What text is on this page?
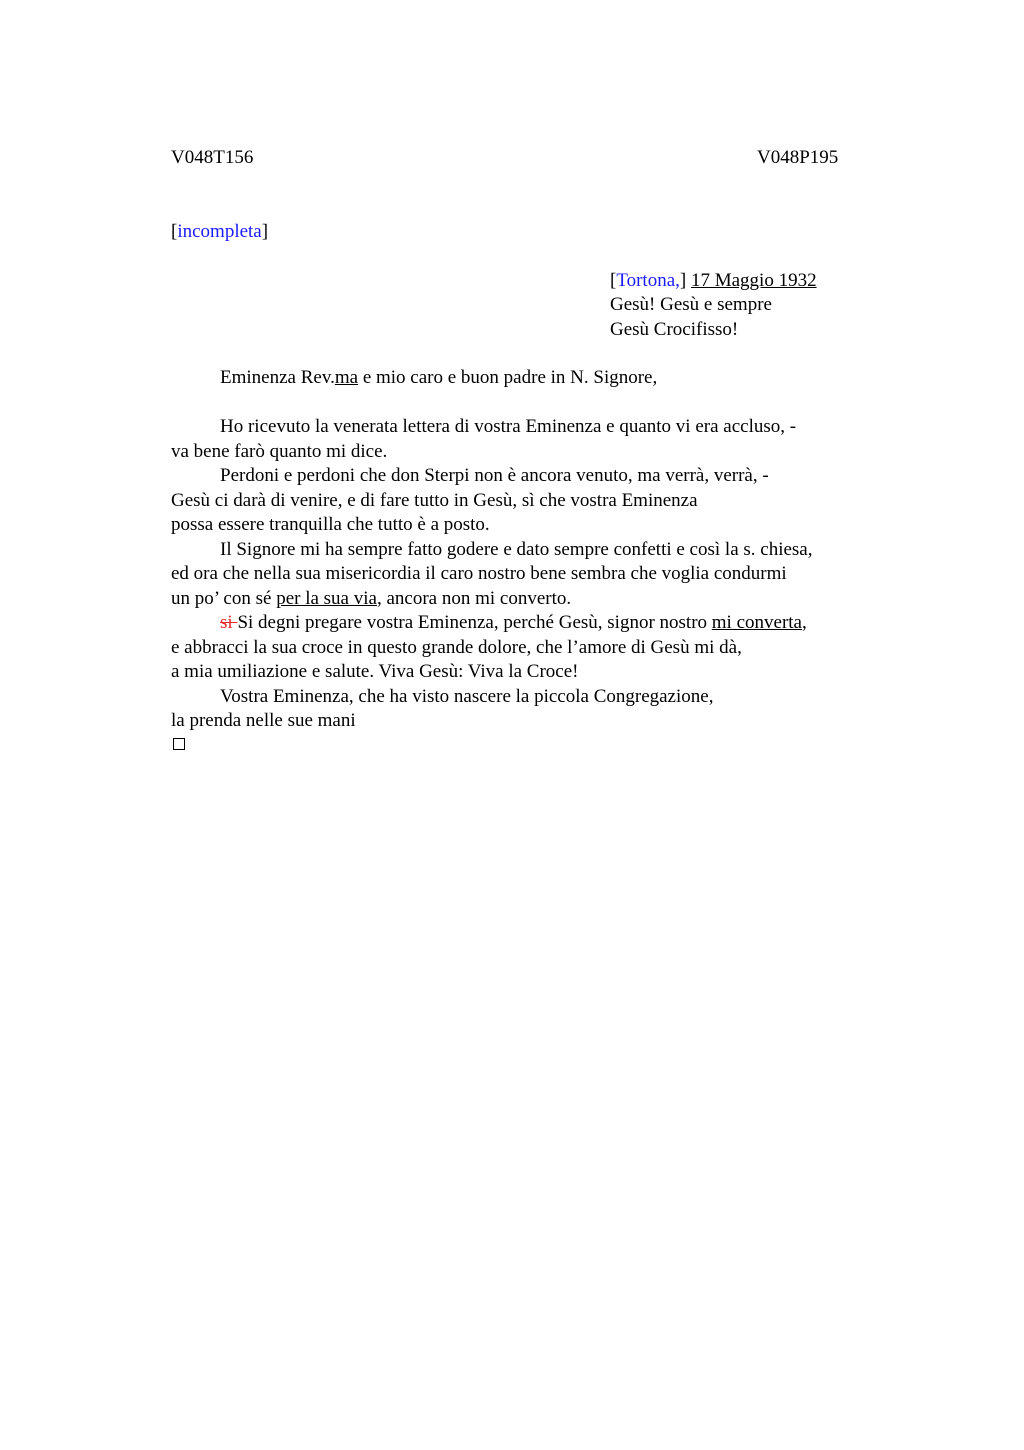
V048T156	V048P195
[incompleta]
[Tortona,] 17 Maggio 1932
Gesù! Gesù e sempre
Gesù Crocifisso!
Eminenza Rev.ma e mio caro e buon padre in N. Signore,
Ho ricevuto la venerata lettera di vostra Eminenza e quanto vi era accluso, -
va bene farò quanto mi dice.
Perdoni e perdoni che don Sterpi non è ancora venuto, ma verrà, verrà, -
Gesù ci darà di venire, e di fare tutto in Gesù, sì che vostra Eminenza
possa essere tranquilla che tutto è a posto.
Il Signore mi ha sempre fatto godere e dato sempre confetti e così la s. chiesa,
ed ora che nella sua misericordia il caro nostro bene sembra che voglia condurmi
un po’ con sé per la sua via, ancora non mi converto.
si Si degni pregare vostra Eminenza, perché Gesù, signor nostro mi converta,
e abbracci la sua croce in questo grande dolore, che l’amore di Gesù mi dà,
a mia umiliazione e salute. Viva Gesù: Viva la Croce!
Vostra Eminenza, che ha visto nascere la piccola Congregazione,
la prenda nelle sue mani
